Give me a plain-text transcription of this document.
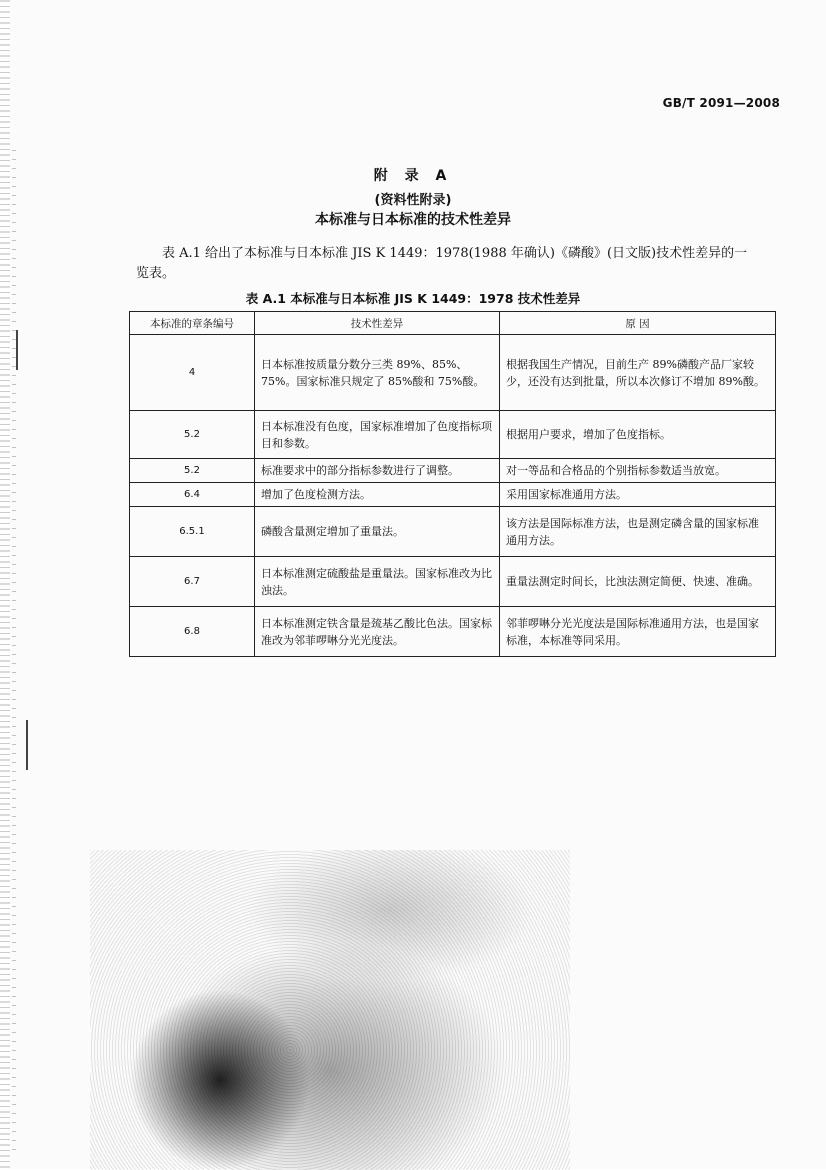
GB/T 2091—2008
附 录 A
(资料性附录)
本标准与日本标准的技术性差异
表 A.1 给出了本标准与日本标准 JIS K 1449：1978(1988 年确认)《磷酸》(日文版)技术性差异的一
览表。
表 A.1 本标准与日本标准 JIS K 1449：1978 技术性差异
本标准的章条编号	技术性差异	原 因
4	日本标准按质量分数分三类 89%、85%、75%。国家标准只规定了 85%酸和 75%酸。	根据我国生产情况，目前生产 89%磷酸产品厂家较少，还没有达到批量，所以本次修订不增加 89%酸。
5.2	日本标准没有色度，国家标准增加了色度指标项目和参数。	根据用户要求，增加了色度指标。
5.2	标准要求中的部分指标参数进行了调整。	对一等品和合格品的个别指标参数适当放宽。
6.4	增加了色度检测方法。	采用国家标准通用方法。
6.5.1	磷酸含量测定增加了重量法。	该方法是国际标准方法，也是测定磷含量的国家标准通用方法。
6.7	日本标准测定硫酸盐是重量法。国家标准改为比浊法。	重量法测定时间长，比浊法测定简便、快速、准确。
6.8	日本标准测定铁含量是巯基乙酸比色法。国家标准改为邻菲啰啉分光光度法。	邻菲啰啉分光光度法是国际标准通用方法，也是国家标准，本标准等同采用。
